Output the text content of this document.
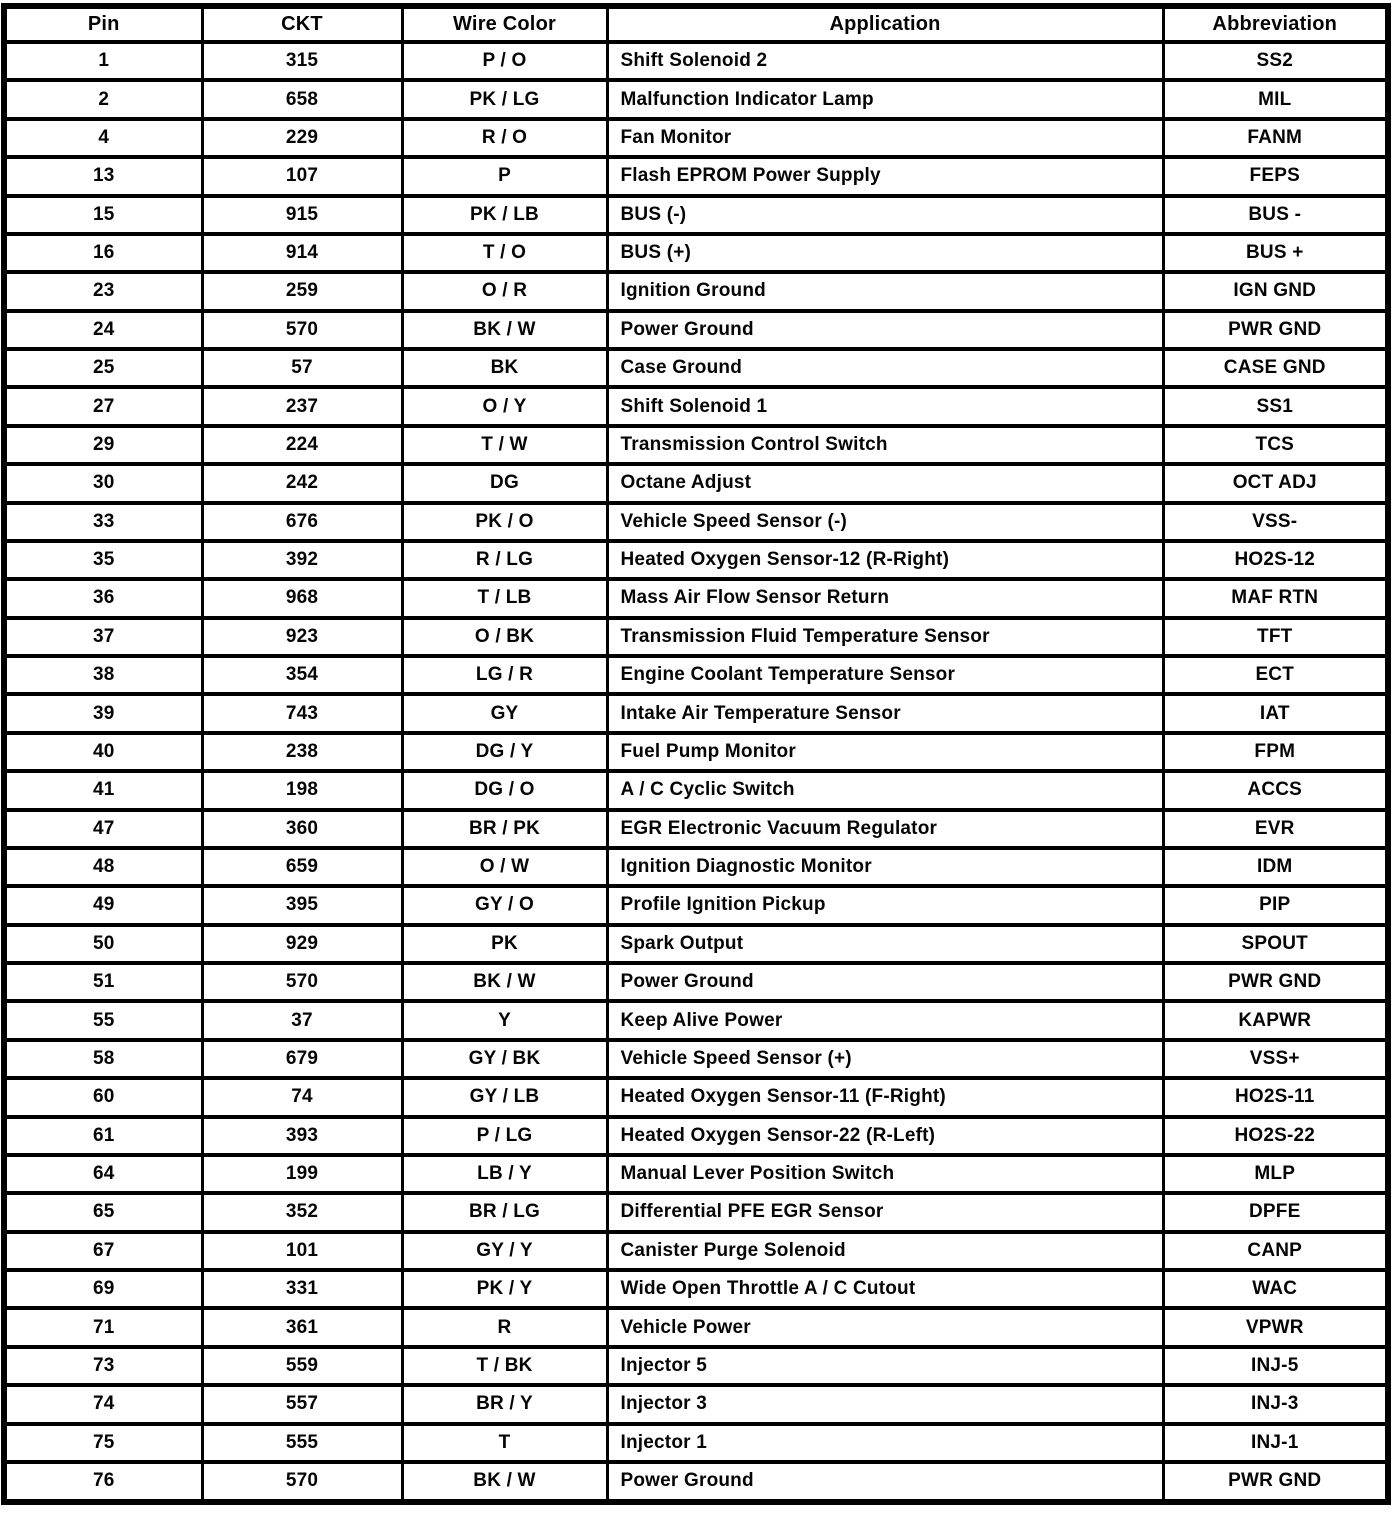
Pin	CKT	Wire Color	Application	Abbreviation
1	315	P / O	Shift Solenoid 2	SS2
2	658	PK / LG	Malfunction Indicator Lamp	MIL
4	229	R / O	Fan Monitor	FANM
13	107	P	Flash EPROM Power Supply	FEPS
15	915	PK / LB	BUS (-)	BUS -
16	914	T / O	BUS (+)	BUS +
23	259	O / R	Ignition Ground	IGN GND
24	570	BK / W	Power Ground	PWR GND
25	57	BK	Case Ground	CASE GND
27	237	O / Y	Shift Solenoid 1	SS1
29	224	T / W	Transmission Control Switch	TCS
30	242	DG	Octane Adjust	OCT ADJ
33	676	PK / O	Vehicle Speed Sensor (-)	VSS-
35	392	R / LG	Heated Oxygen Sensor-12 (R-Right)	HO2S-12
36	968	T / LB	Mass Air Flow Sensor Return	MAF RTN
37	923	O / BK	Transmission Fluid Temperature Sensor	TFT
38	354	LG / R	Engine Coolant Temperature Sensor	ECT
39	743	GY	Intake Air Temperature Sensor	IAT
40	238	DG / Y	Fuel Pump Monitor	FPM
41	198	DG / O	A / C Cyclic Switch	ACCS
47	360	BR / PK	EGR Electronic Vacuum Regulator	EVR
48	659	O / W	Ignition Diagnostic Monitor	IDM
49	395	GY / O	Profile Ignition Pickup	PIP
50	929	PK	Spark Output	SPOUT
51	570	BK / W	Power Ground	PWR GND
55	37	Y	Keep Alive Power	KAPWR
58	679	GY / BK	Vehicle Speed Sensor (+)	VSS+
60	74	GY / LB	Heated Oxygen Sensor-11 (F-Right)	HO2S-11
61	393	P / LG	Heated Oxygen Sensor-22 (R-Left)	HO2S-22
64	199	LB / Y	Manual Lever Position Switch	MLP
65	352	BR / LG	Differential PFE EGR Sensor	DPFE
67	101	GY / Y	Canister Purge Solenoid	CANP
69	331	PK / Y	Wide Open Throttle A / C Cutout	WAC
71	361	R	Vehicle Power	VPWR
73	559	T / BK	Injector 5	INJ-5
74	557	BR / Y	Injector 3	INJ-3
75	555	T	Injector 1	INJ-1
76	570	BK / W	Power Ground	PWR GND
